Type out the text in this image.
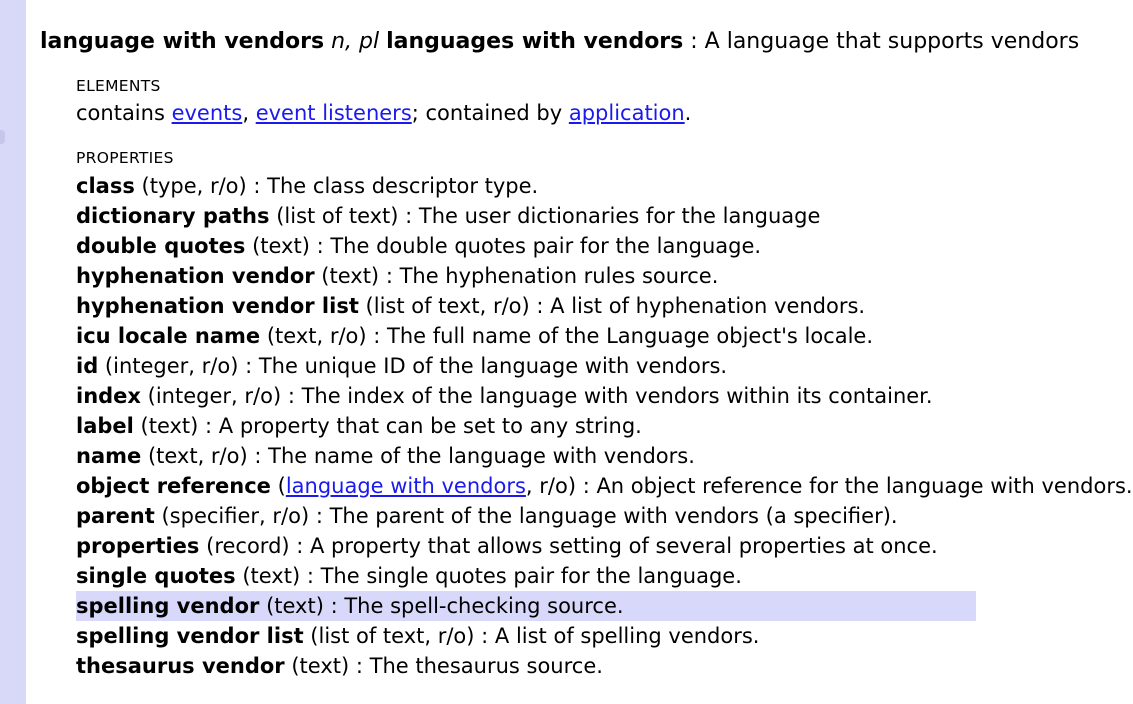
language with vendors n, pl languages with vendors : A language that supports vendors
ELEMENTS
contains events, event listeners; contained by application.
PROPERTIES
class (type, r/o) : The class descriptor type.
dictionary paths (list of text) : The user dictionaries for the language
double quotes (text) : The double quotes pair for the language.
hyphenation vendor (text) : The hyphenation rules source.
hyphenation vendor list (list of text, r/o) : A list of hyphenation vendors.
icu locale name (text, r/o) : The full name of the Language object's locale.
id (integer, r/o) : The unique ID of the language with vendors.
index (integer, r/o) : The index of the language with vendors within its container.
label (text) : A property that can be set to any string.
name (text, r/o) : The name of the language with vendors.
object reference (language with vendors, r/o) : An object reference for the language with vendors.
parent (specifier, r/o) : The parent of the language with vendors (a specifier).
properties (record) : A property that allows setting of several properties at once.
single quotes (text) : The single quotes pair for the language.
spelling vendor (text) : The spell-checking source.
spelling vendor list (list of text, r/o) : A list of spelling vendors.
thesaurus vendor (text) : The thesaurus source.
